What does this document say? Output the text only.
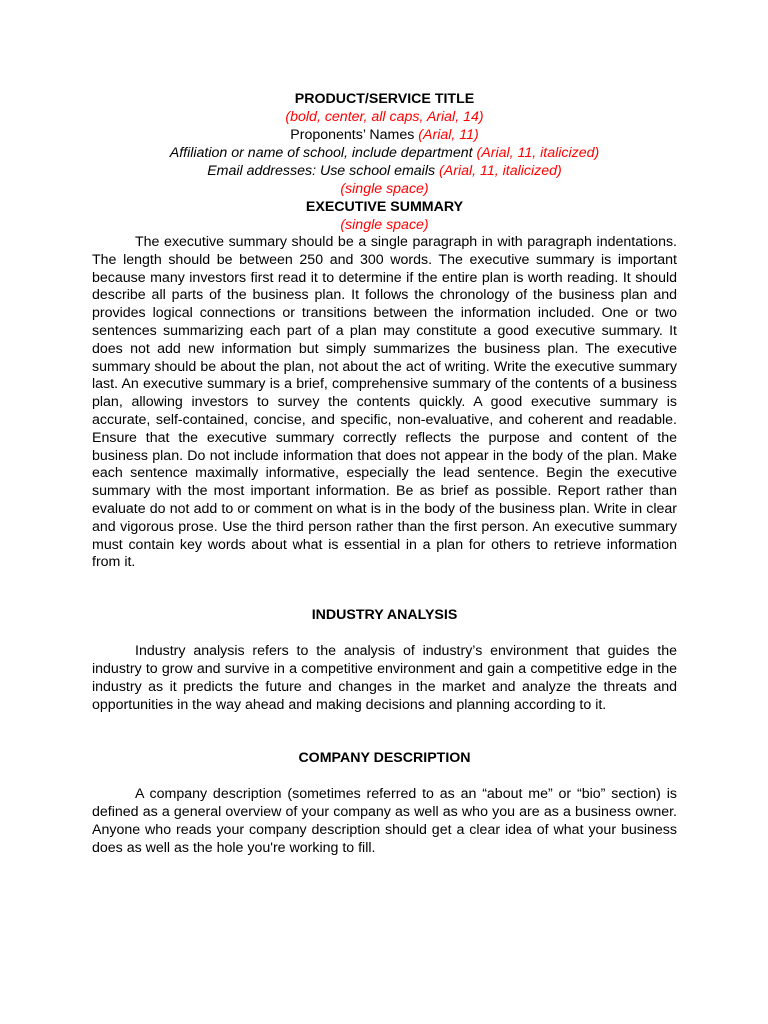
PRODUCT/SERVICE TITLE

(bold, center, all caps, Arial, 14)

Proponents’ Names (Arial, 11)

Affiliation or name of school, include department (Arial, 11, italicized)

Email addresses: Use school emails (Arial, 11, italicized)

(single space)

EXECUTIVE SUMMARY

(single space)

The executive summary should be a single paragraph in with paragraph indentations. The length should be between 250 and 300 words. The executive summary is important because many investors first read it to determine if the entire plan is worth reading. It should describe all parts of the business plan. It follows the chronology of the business plan and provides logical connections or transitions between the information included. One or two sentences summarizing each part of a plan may constitute a good executive summary. It does not add new information but simply summarizes the business plan. The executive summary should be about the plan, not about the act of writing. Write the executive summary last. An executive summary is a brief, comprehensive summary of the contents of a business plan, allowing investors to survey the contents quickly. A good executive summary is accurate, self-contained, concise, and specific, non-evaluative, and coherent and readable. Ensure that the executive summary correctly reflects the purpose and content of the business plan. Do not include information that does not appear in the body of the plan. Make each sentence maximally informative, especially the lead sentence. Begin the executive summary with the most important information. Be as brief as possible. Report rather than evaluate do not add to or comment on what is in the body of the business plan. Write in clear and vigorous prose. Use the third person rather than the first person. An executive summary must contain key words about what is essential in a plan for others to retrieve information from it.

INDUSTRY ANALYSIS

Industry analysis refers to the analysis of industry’s environment that guides the industry to grow and survive in a competitive environment and gain a competitive edge in the industry as it predicts the future and changes in the market and analyze the threats and opportunities in the way ahead and making decisions and planning according to it.

COMPANY DESCRIPTION

A company description (sometimes referred to as an “about me” or “bio” section) is defined as a general overview of your company as well as who you are as a business owner. Anyone who reads your company description should get a clear idea of what your business does as well as the hole you're working to fill.
